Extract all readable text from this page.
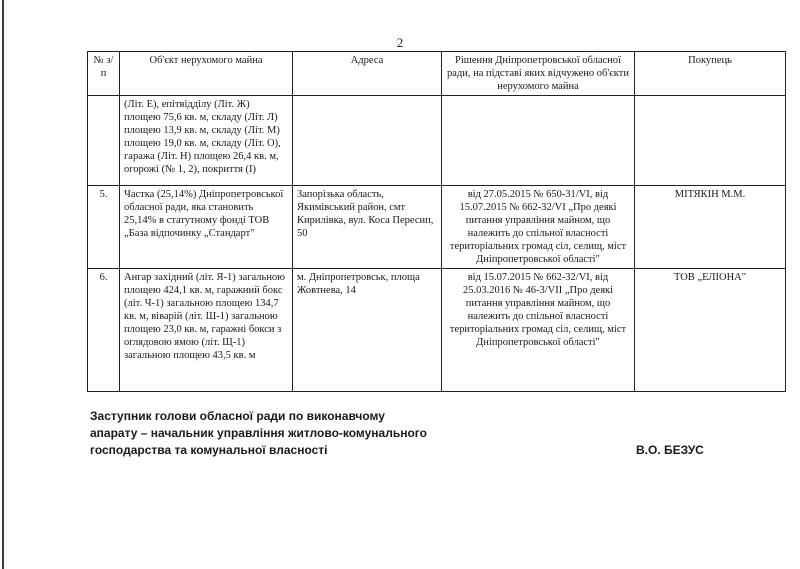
2
№ з/п	Об'єкт нерухомого майна	Адреса	Рішення Дніпропетровської обласної ради, на підставі яких відчужено об'єкти нерухомого майна	Покупець
	(Літ. Е), епітвідділу (Літ. Ж) площею 75,6 кв. м, складу (Літ. Л) площею 13,9 кв. м, складу (Літ. М) площею 19,0 кв. м, складу (Літ. О), гаража (Літ. Н) площею 26,4 кв. м, огорожі (№ 1, 2), покриття (І)			
5.	Частка (25,14%) Дніпропетровської обласної ради, яка становить 25,14% в статутному фонді ТОВ „База відпочинку „Стандарт"	Запорізька область, Якимівський район, смт Кирилівка, вул. Коса Пересип, 50	від 27.05.2015 № 650-31/VI, від 15.07.2015 № 662-32/VI „Про деякі питання управління майном, що належить до спільної власності територіальних громад сіл, селищ, міст Дніпропетровської області"	МІТЯКІН М.М.
6.	Ангар західний (літ. Я-1) загальною площею 424,1 кв. м, гаражний бокс (літ. Ч-1) загальною площею 134,7 кв. м, віварій (літ. Ш-1) загальною площею 23,0 кв. м, гаражні бокси з оглядовою ямою (літ. Щ-1) загальною площею 43,5 кв. м	м. Дніпропетровськ, площа Жовтнева, 14	від 15.07.2015 № 662-32/VI, від 25.03.2016 № 46-3/VII „Про деякі питання управління майном, що належить до спільної власності територіальних громад сіл, селищ, міст Дніпропетровської області"	ТОВ „ЕЛІОНА"
Заступник голови обласної ради по виконавчому
апарату – начальник управління житлово-комунального
господарства та комунальної власності	В.О. БЕЗУС
